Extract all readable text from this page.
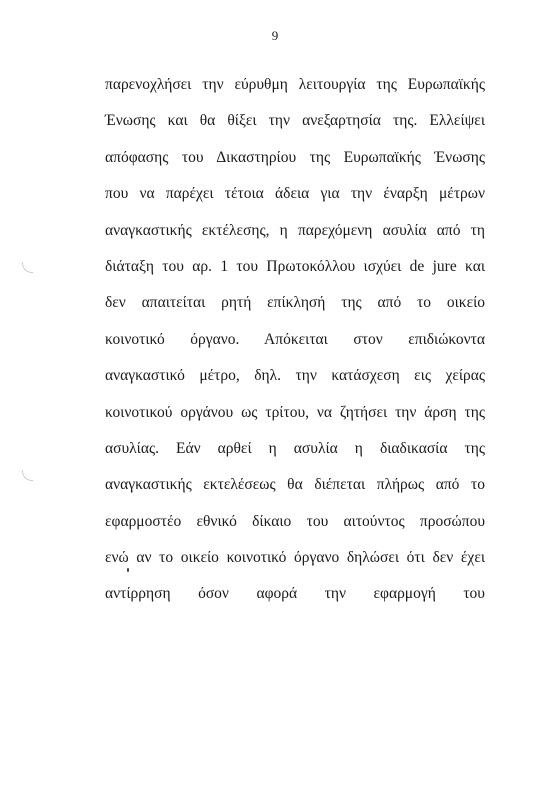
9
παρενοχλήσει την εύρυθμη λειτουργία της Ευρωπαϊκής
Ένωσης και θα θίξει την ανεξαρτησία της. Ελλείψει
απόφασης του Δικαστηρίου της Ευρωπαϊκής Ένωσης
που να παρέχει τέτοια άδεια για την έναρξη μέτρων
αναγκαστικής εκτέλεσης, η παρεχόμενη ασυλία από τη
διάταξη του αρ. 1 του Πρωτοκόλλου ισχύει de jure και
δεν απαιτείται ρητή επίκλησή της από το οικείο
κοινοτικό όργανο. Απόκειται στον επιδιώκοντα
αναγκαστικό μέτρο, δηλ. την κατάσχεση εις χείρας
κοινοτικού οργάνου ως τρίτου, να ζητήσει την άρση της
ασυλίας. Εάν αρθεί η ασυλία η διαδικασία της
αναγκαστικής εκτελέσεως θα διέπεται πλήρως από το
εφαρμοστέο εθνικό δίκαιο του αιτούντος προσώπου
ενώ αν το οικείο κοινοτικό όργανο δηλώσει ότι δεν έχει
αντίρρηση όσον αφορά την εφαρμογή του
